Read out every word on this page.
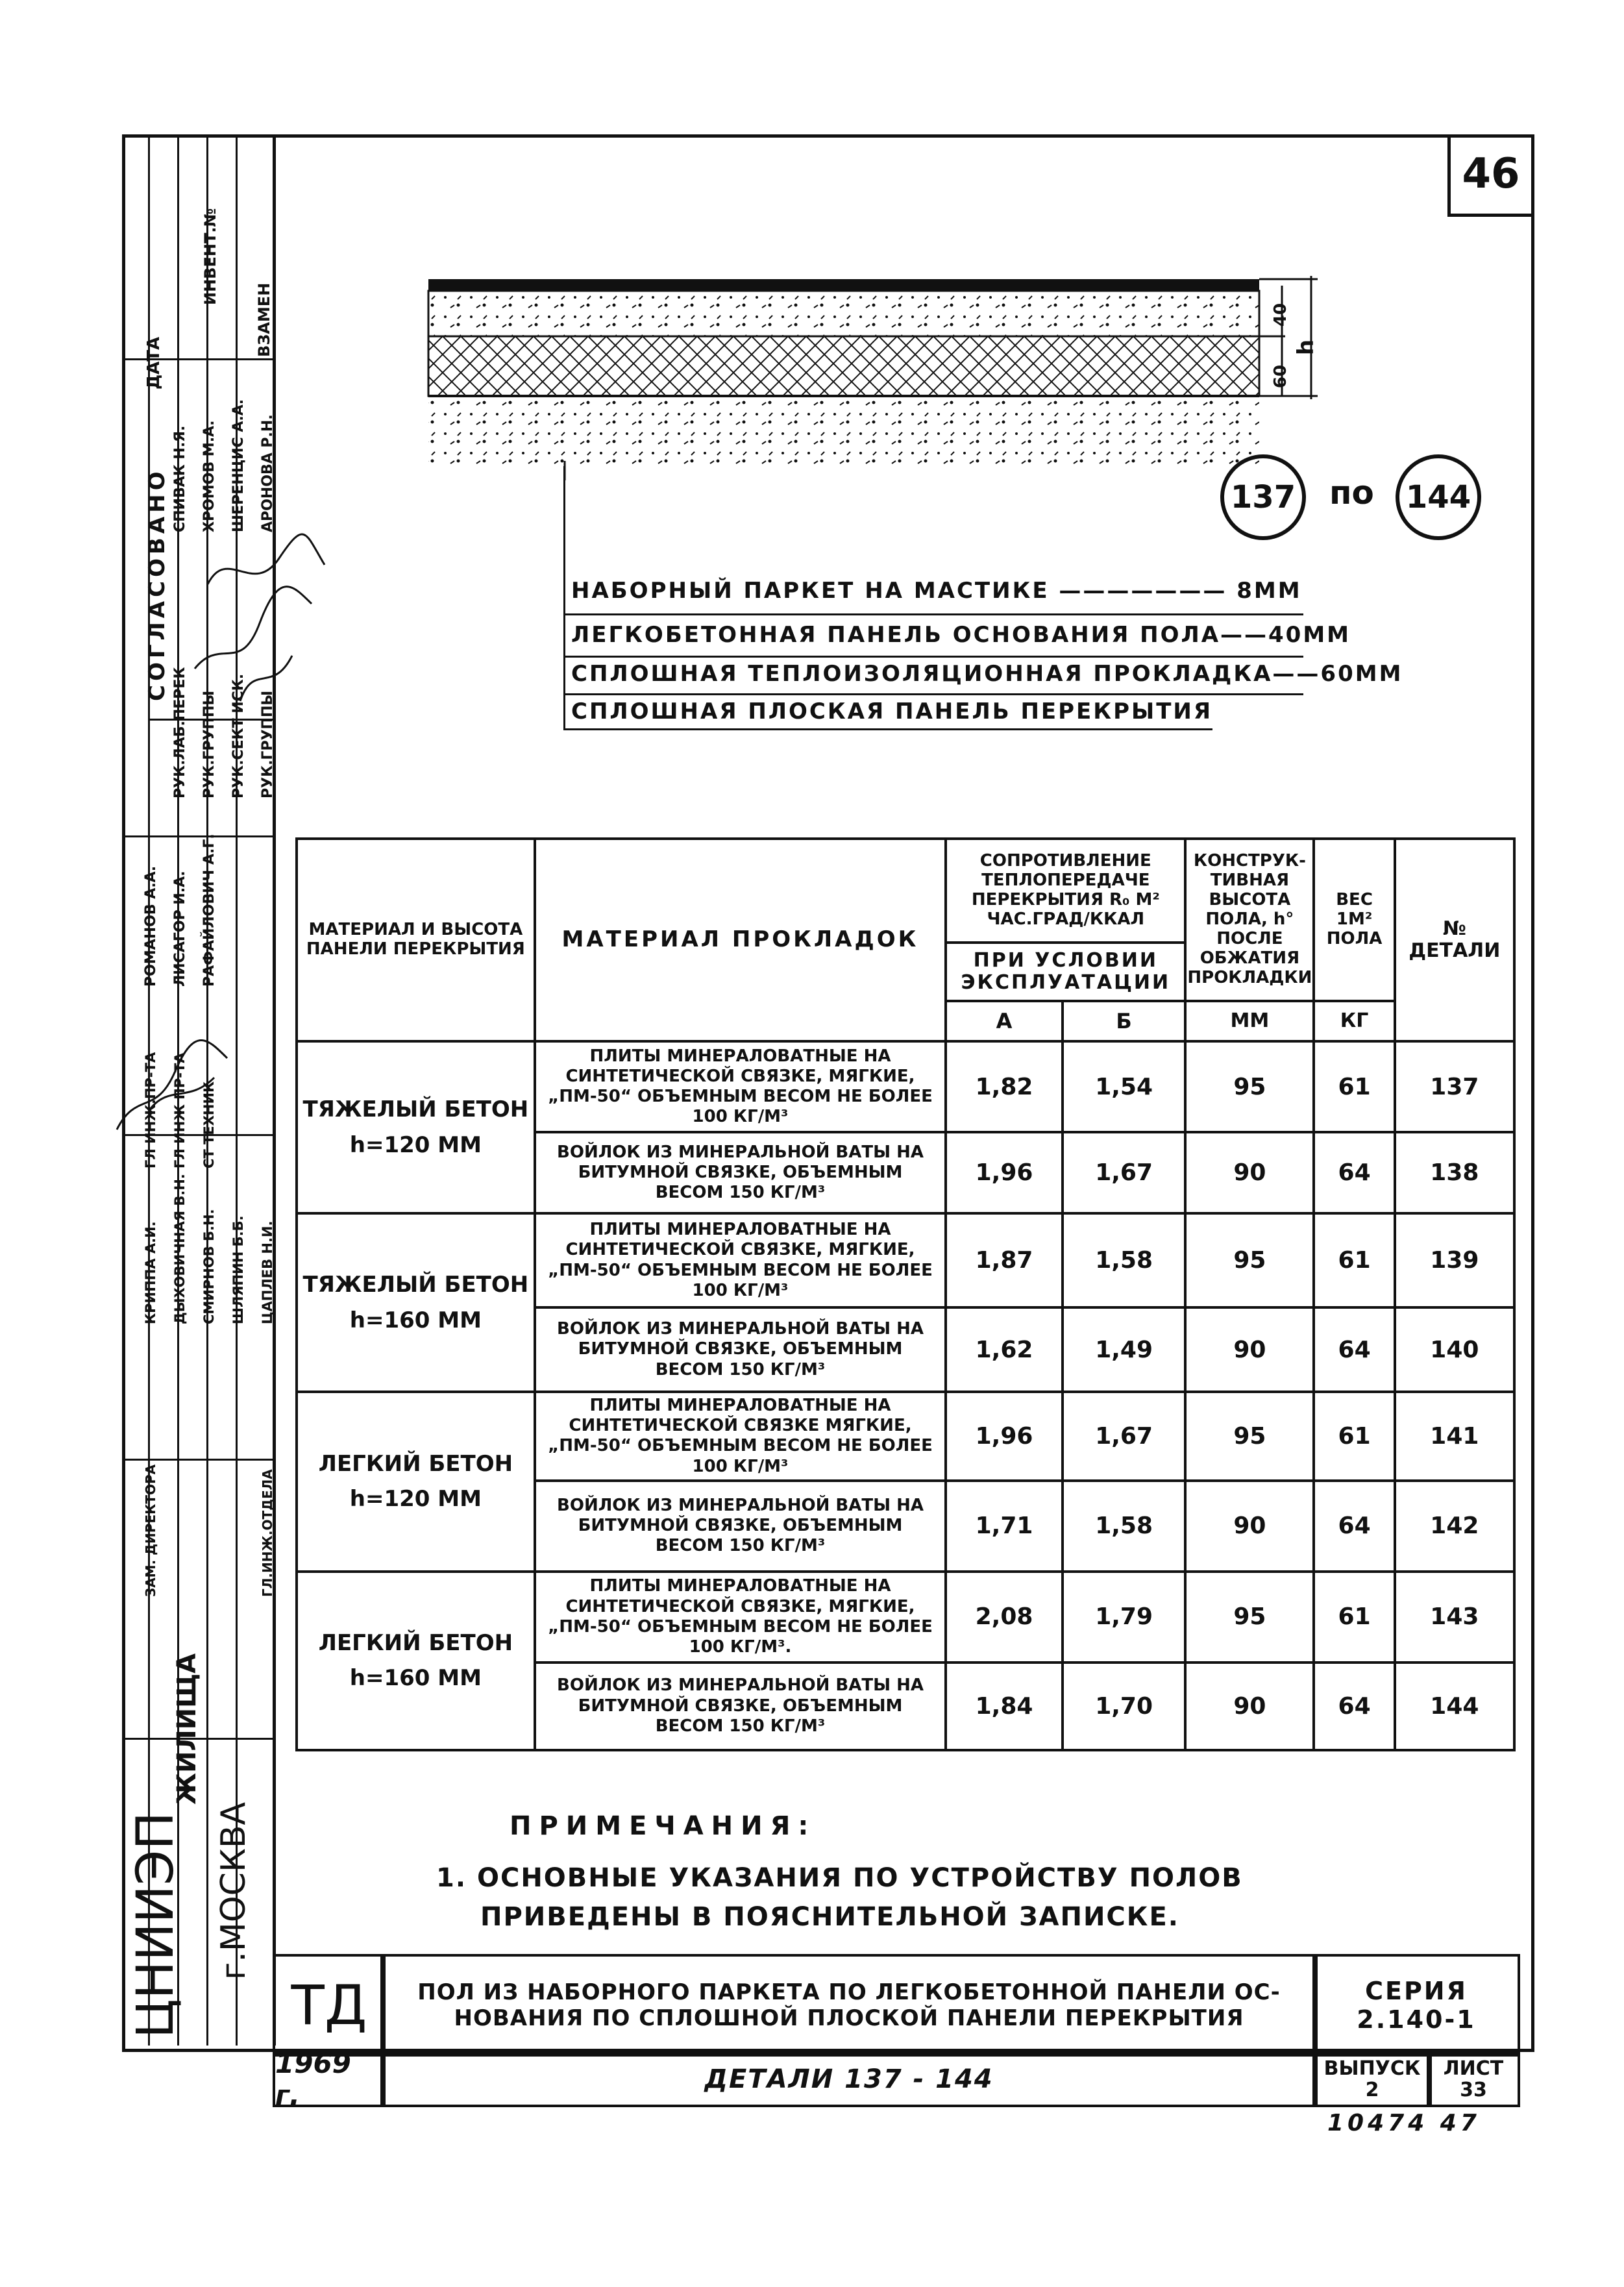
46
СОГЛАСОВАНО
ДАТА
ИНВЕНТ.№
ВЗАМЕН
РУК.ЛАБ.ПЕРЕК РУК.ГРУППЫ РУК.СЕКТ ИСК. РУК.ГРУППЫ
СПИВАК Н.Я. ХРОМОВ М.А. ШЕРЕНЦИС А.А. АРОНОВА Р.Н.
РОМАНОВ А.А. ЛИСАГОР И.А. РАФАЙЛОВИЧ А.Г.
КРИППА А.И. ДЫХОВИЧНАЯ В.Н. СМИРНОВ Б.Н. ШЛЯПИН Б.Б. ЦАПЛЕВ Н.И.
ГЛ ИНЖ.ПР-ТА ГЛ ИНЖ ПР-ТА СТ ТЕХНИК
ЗАМ. ДИРЕКТОРА	ГЛ.ИНЖ.ОТДЕЛА
ЦНИИЭП
ЖИЛИЩА
г.МОСКВА
40
60
h
137	по	144
НАБОРНЫЙ ПАРКЕТ НА МАСТИКЕ ——————— 8ММ
ЛЕГКОБЕТОННАЯ ПАНЕЛЬ ОСНОВАНИЯ ПОЛА——40ММ
СПЛОШНАЯ ТЕПЛОИЗОЛЯЦИОННАЯ ПРОКЛАДКА——60ММ
СПЛОШНАЯ ПЛОСКАЯ ПАНЕЛЬ ПЕРЕКРЫТИЯ
МАТЕРИАЛ И ВЫСОТА ПАНЕЛИ ПЕРЕКРЫТИЯ	МАТЕРИАЛ ПРОКЛАДОК	СОПРОТИВЛЕНИЕ ТЕПЛОПЕРЕДАЧЕ ПЕРЕКРЫТИЯ R₀ М² ЧАС.ГРАД/ККАЛ		КОНСТРУК-ТИВНАЯ ВЫСОТА ПОЛА, h° ПОСЛЕ ОБЖАТИЯ ПРОКЛАДКИ	ВЕС 1М² ПОЛА	№ ДЕТАЛИ
		ПРИ УСЛОВИИ ЭКСПЛУАТАЦИИ				
		А	Б	ММ	КГ	

ТЯЖЕЛЫЙ БЕТОН
h=120 ММ	ПЛИТЫ МИНЕРАЛОВАТНЫЕ НА СИНТЕТИЧЕСКОЙ СВЯЗКЕ, МЯГКИЕ, „ПМ-50“ ОБЪЕМНЫМ ВЕСОМ НЕ БОЛЕЕ 100 КГ/М³	1,82	1,54	95	61	137
	ВОЙЛОК ИЗ МИНЕРАЛЬНОЙ ВАТЫ НА БИТУМНОЙ СВЯЗКЕ, ОБЪЕМНЫМ ВЕСОМ 150 КГ/М³	1,96	1,67	90	64	138

ТЯЖЕЛЫЙ БЕТОН
h=160 ММ	ПЛИТЫ МИНЕРАЛОВАТНЫЕ НА СИНТЕТИЧЕСКОЙ СВЯЗКЕ, МЯГКИЕ, „ПМ-50“ ОБЪЕМНЫМ ВЕСОМ НЕ БОЛЕЕ 100 КГ/М³	1,87	1,58	95	61	139
	ВОЙЛОК ИЗ МИНЕРАЛЬНОЙ ВАТЫ НА БИТУМНОЙ СВЯЗКЕ, ОБЪЕМНЫМ ВЕСОМ 150 КГ/М³	1,62	1,49	90	64	140

ЛЕГКИЙ БЕТОН
h=120 ММ	ПЛИТЫ МИНЕРАЛОВАТНЫЕ НА СИНТЕТИЧЕСКОЙ СВЯЗКЕ МЯГКИЕ, „ПМ-50“ ОБЪЕМНЫМ ВЕСОМ НЕ БОЛЕЕ 100 КГ/М³	1,96	1,67	95	61	141
	ВОЙЛОК ИЗ МИНЕРАЛЬНОЙ ВАТЫ НА БИТУМНОЙ СВЯЗКЕ, ОБЪЕМНЫМ ВЕСОМ 150 КГ/М³	1,71	1,58	90	64	142

ЛЕГКИЙ БЕТОН
h=160 ММ	ПЛИТЫ МИНЕРАЛОВАТНЫЕ НА СИНТЕТИЧЕСКОЙ СВЯЗКЕ, МЯГКИЕ, „ПМ-50“ ОБЪЕМНЫМ ВЕСОМ НЕ БОЛЕЕ 100 КГ/М³.	2,08	1,79	95	61	143
	ВОЙЛОК ИЗ МИНЕРАЛЬНОЙ ВАТЫ НА БИТУМНОЙ СВЯЗКЕ, ОБЪЕМНЫМ ВЕСОМ 150 КГ/М³	1,84	1,70	90	64	144
ПРИМЕЧАНИЯ:
1. ОСНОВНЫЕ УКАЗАНИЯ ПО УСТРОЙСТВУ ПОЛОВ
ПРИВЕДЕНЫ В ПОЯСНИТЕЛЬНОЙ ЗАПИСКЕ.
ТД	ПОЛ ИЗ НАБОРНОГО ПАРКЕТА ПО ЛЕГКОБЕТОННОЙ ПАНЕЛИ ОС-
НОВАНИЯ ПО СПЛОШНОЙ ПЛОСКОЙ ПАНЕЛИ ПЕРЕКРЫТИЯ
СЕРИЯ
2.140-1
1969 г.	ДЕТАЛИ 137 - 144	ВЫПУСК
2
ЛИСТ
33
10474 47
